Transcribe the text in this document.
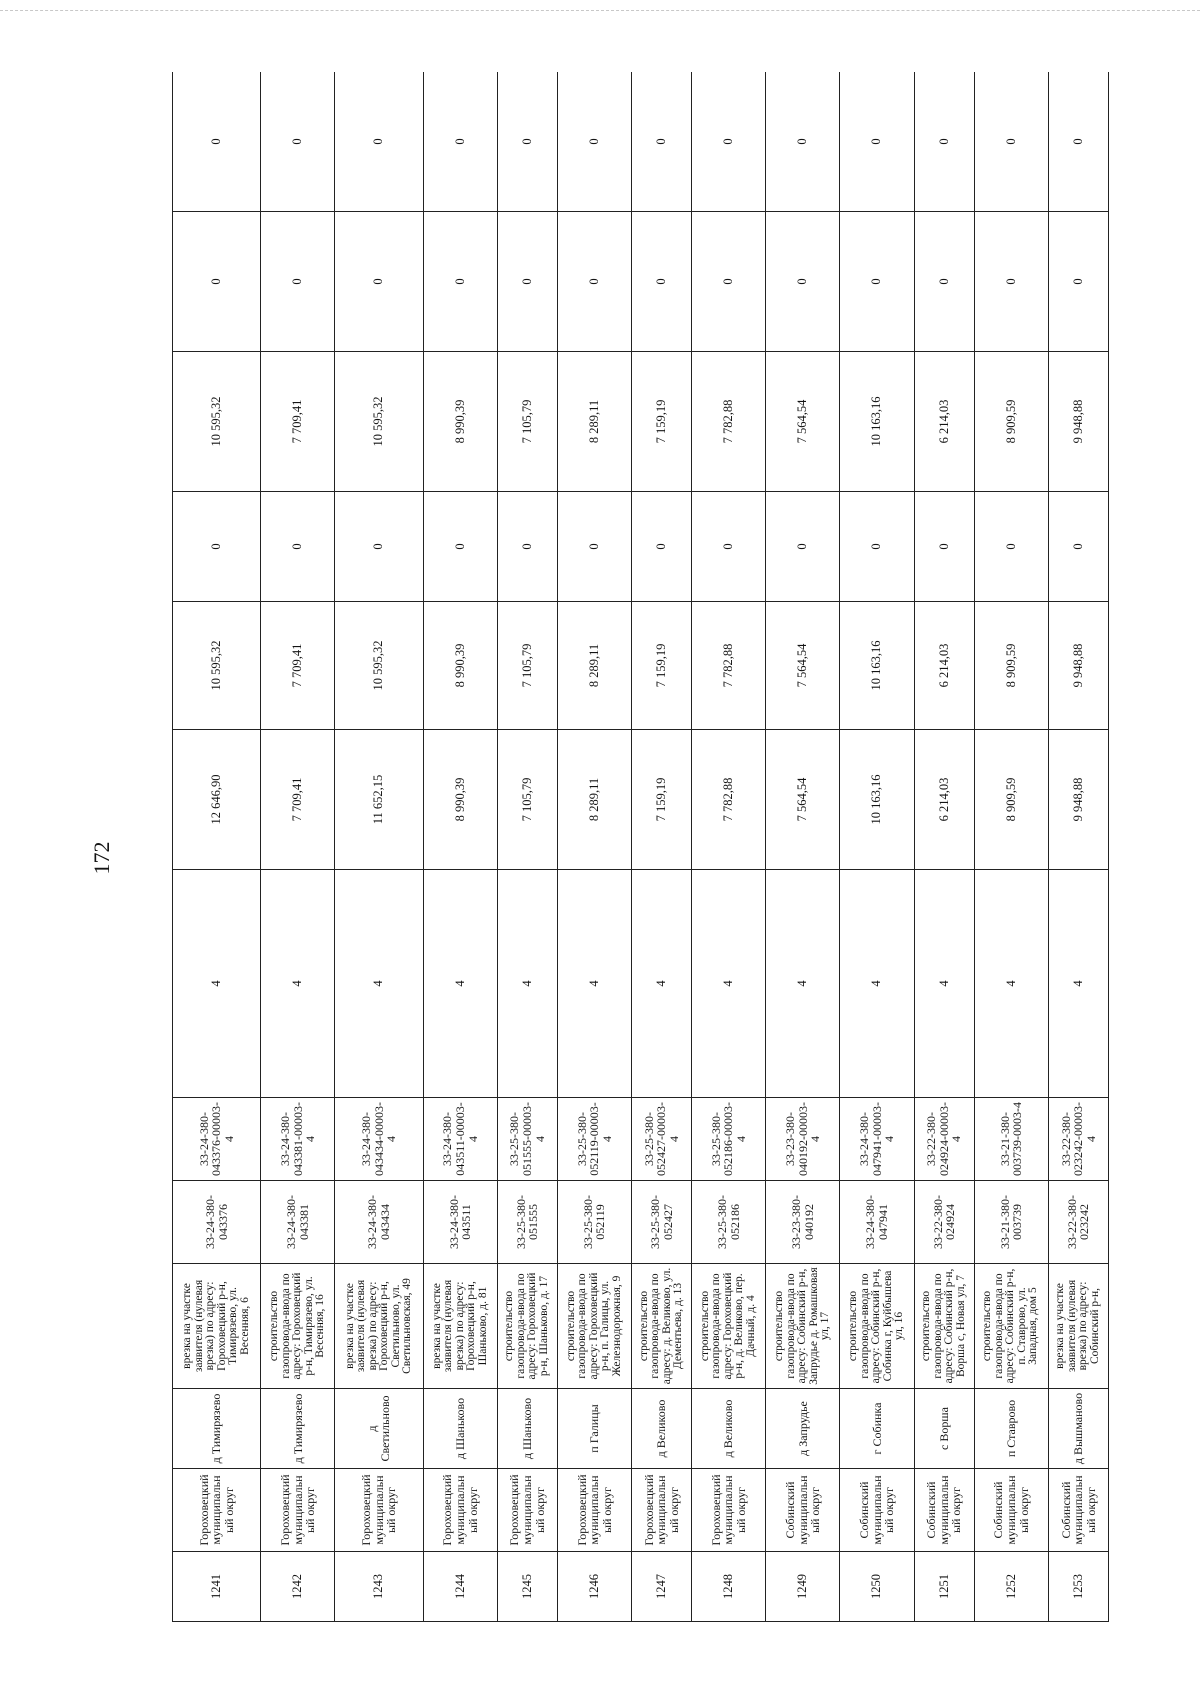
172
1241	Гороховецкий муниципальный округ	д Тимирязево	врезка на участке заявителя (нулевая врезка) по адресу: Гороховецкий р-н, Тимирязево, ул. Весенняя, 6	33-24-380-043376	33-24-380-043376-00003-4	4	12 646,90	10 595,32	0	10 595,32	0	0
1242	Гороховецкий муниципальный округ	д Тимирязево	строительство газопровода-ввода по адресу: Гороховецкий р-н, Тимирязево, ул. Весенняя, 16	33-24-380-043381	33-24-380-043381-00003-4	4	7 709,41	7 709,41	0	7 709,41	0	0
1243	Гороховецкий муниципальный округ	д Светильново	врезка на участке заявителя (нулевая врезка) по адресу: Гороховецкий р-н, Светильново, ул. Светильновская, 49	33-24-380-043434	33-24-380-043434-00003-4	4	11 652,15	10 595,32	0	10 595,32	0	0
1244	Гороховецкий муниципальный округ	д Шаньково	врезка на участке заявителя (нулевая врезка) по адресу: Гороховецкий р-н, Шаньково, д. 81	33-24-380-043511	33-24-380-043511-00003-4	4	8 990,39	8 990,39	0	8 990,39	0	0
1245	Гороховецкий муниципальный округ	д Шаньково	строительство газопровода-ввода по адресу: Гороховецкий р-н, Шаньково, д. 17	33-25-380-051555	33-25-380-051555-00003-4	4	7 105,79	7 105,79	0	7 105,79	0	0
1246	Гороховецкий муниципальный округ	п Галицы	строительство газопровода-ввода по адресу: Гороховецкий р-н, п. Галицы, ул. Железнодорожная, 9	33-25-380-052119	33-25-380-052119-00003-4	4	8 289,11	8 289,11	0	8 289,11	0	0
1247	Гороховецкий муниципальный округ	д Великово	строительство газопровода-ввода по адресу: д. Великово, ул. Дементьева, д. 13	33-25-380-052427	33-25-380-052427-00003-4	4	7 159,19	7 159,19	0	7 159,19	0	0
1248	Гороховецкий муниципальный округ	д Великово	строительство газопровода-ввода по адресу: Гороховецкий р-н, д. Великово, пер. Дачный, д. 4	33-25-380-052186	33-25-380-052186-00003-4	4	7 782,88	7 782,88	0	7 782,88	0	0
1249	Собинский муниципальный округ	д Запрудье	строительство газопровода-ввода по адресу: Собинский р-н, Запрудье д. Ромашковая ул, 17	33-23-380-040192	33-23-380-040192-00003-4	4	7 564,54	7 564,54	0	7 564,54	0	0
1250	Собинский муниципальный округ	г Собинка	строительство газопровода-ввода по адресу: Собинский р-н, Собинка г, Куйбышева ул, 16	33-24-380-047941	33-24-380-047941-00003-4	4	10 163,16	10 163,16	0	10 163,16	0	0
1251	Собинский муниципальный округ	с Ворша	строительство газопровода-ввода по адресу: Собинский р-н, Ворша с, Новая ул, 7	33-22-380-024924	33-22-380-024924-00003-4	4	6 214,03	6 214,03	0	6 214,03	0	0
1252	Собинский муниципальный округ	п Ставрово	строительство газопровода-ввода по адресу: Собинский р-н, п. Ставрово, ул. Западная, дом 5	33-21-380-003739	33-21-380-003739-0003-4	4	8 909,59	8 909,59	0	8 909,59	0	0
1253	Собинский муниципальный округ	д Вышманово	врезка на участке заявителя (нулевая врезка) по адресу: Собинский р-н,	33-22-380-023242	33-22-380-023242-00003-4	4	9 948,88	9 948,88	0	9 948,88	0	0
